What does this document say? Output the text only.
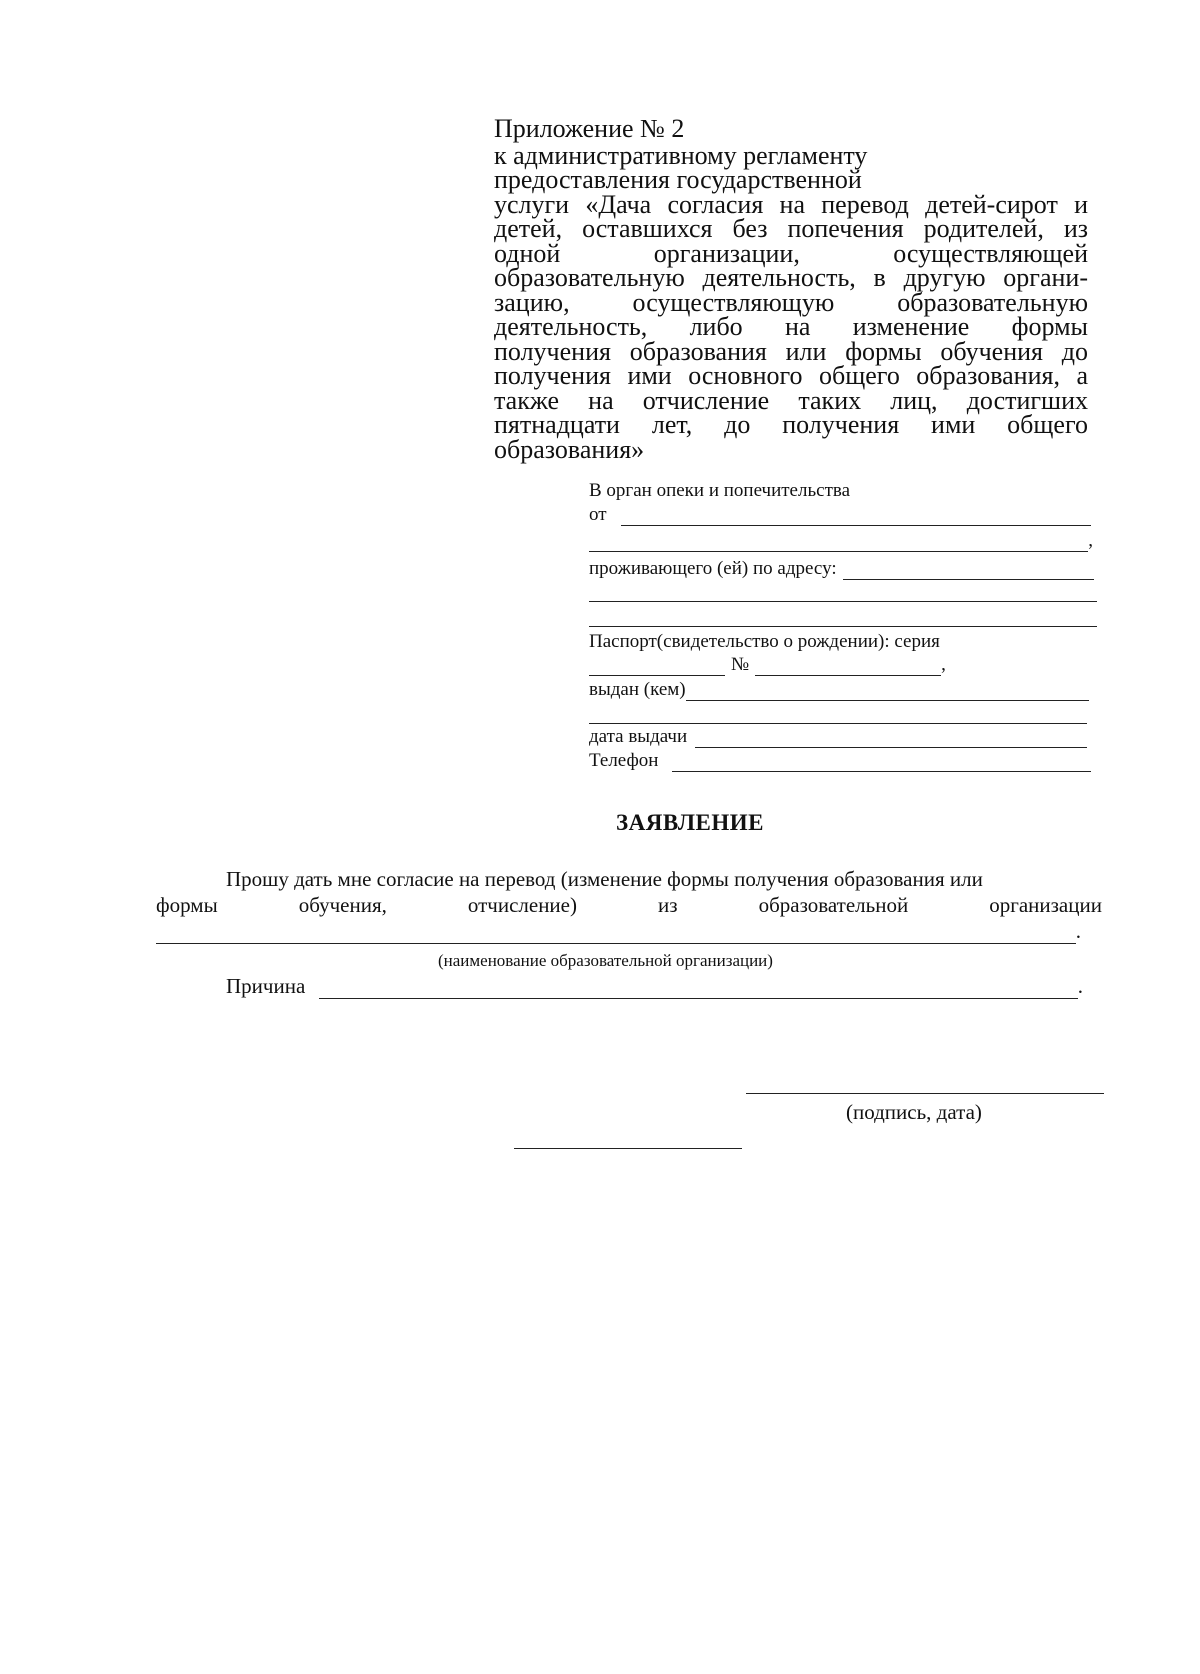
Приложение № 2
к административному регламенту
предоставления государственной
услуги «Дача согласия на перевод детей-сирот и
детей, оставшихся без попечения родителей, из
одной организации, осуществляющей
образовательную деятельность, в другую органи-
зацию, осуществляющую образовательную
деятельность, либо на изменение формы
получения образования или формы обучения до
получения ими основного общего образования, а
также на отчисление таких лиц, достигших
пятнадцати лет, до получения ими общего
образования»
В орган опеки и попечительства
от
,
проживающего (ей) по адресу:
Паспорт(свидетельство о рождении): серия
№	,
выдан (кем)
дата выдачи
Телефон
ЗАЯВЛЕНИЕ
Прошу дать мне согласие на перевод (изменение формы получения образования или
формы	обучения,	отчисление)	из	образовательной	организации
.
(наименование образовательной организации)
Причина	.
(подпись, дата)
